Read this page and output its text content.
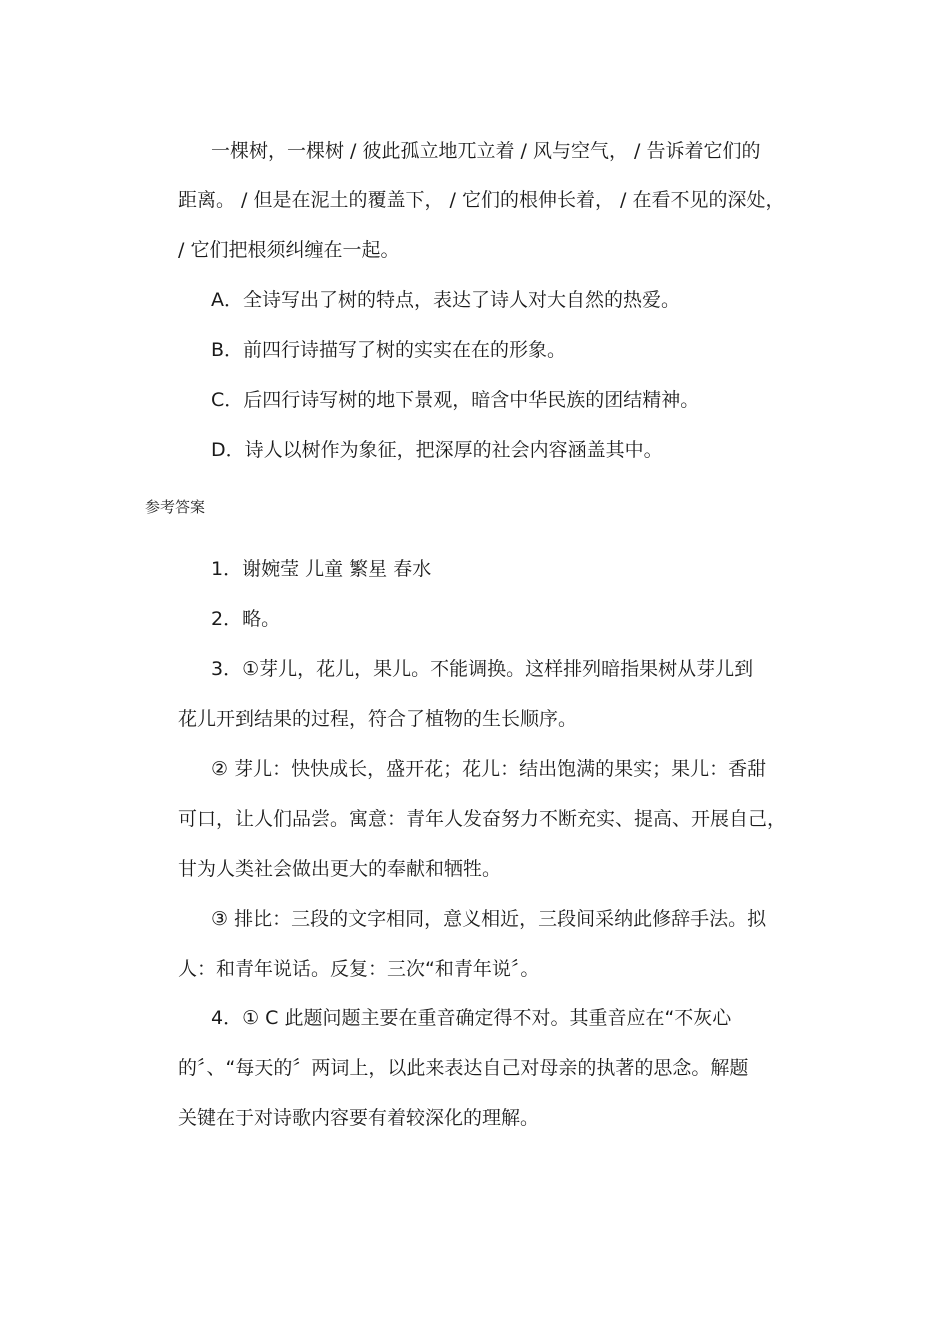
一棵树，一棵树 / 彼此孤立地兀立着 / 风与空气， / 告诉着它们的

距离。 / 但是在泥土的覆盖下， / 它们的根伸长着， / 在看不见的深处，

/ 它们把根须纠缠在一起。

A．全诗写出了树的特点，表达了诗人对大自然的热爱。

B．前四行诗描写了树的实实在在的形象。

C．后四行诗写树的地下景观，暗含中华民族的团结精神。

D．诗人以树作为象征，把深厚的社会内容涵盖其中。

参考答案

1．谢婉莹 儿童 繁星 春水

2．略。

3．①芽儿，花儿，果儿。不能调换。这样排列暗指果树从芽儿到

花儿开到结果的过程，符合了植物的生长顺序。

② 芽儿：快快成长，盛开花；花儿：结出饱满的果实；果儿：香甜

可口，让人们品尝。寓意：青年人发奋努力不断充实、提高、开展自己，

甘为人类社会做出更大的奉献和牺牲。

③ 排比：三段的文字相同，意义相近，三段间采纳此修辞手法。拟

人：和青年说话。反复：三次“和青年说〞。

4．① C 此题问题主要在重音确定得不对。其重音应在“不灰心

的〞、“每天的〞两词上，以此来表达自己对母亲的执著的思念。解题

关键在于对诗歌内容要有着较深化的理解。
